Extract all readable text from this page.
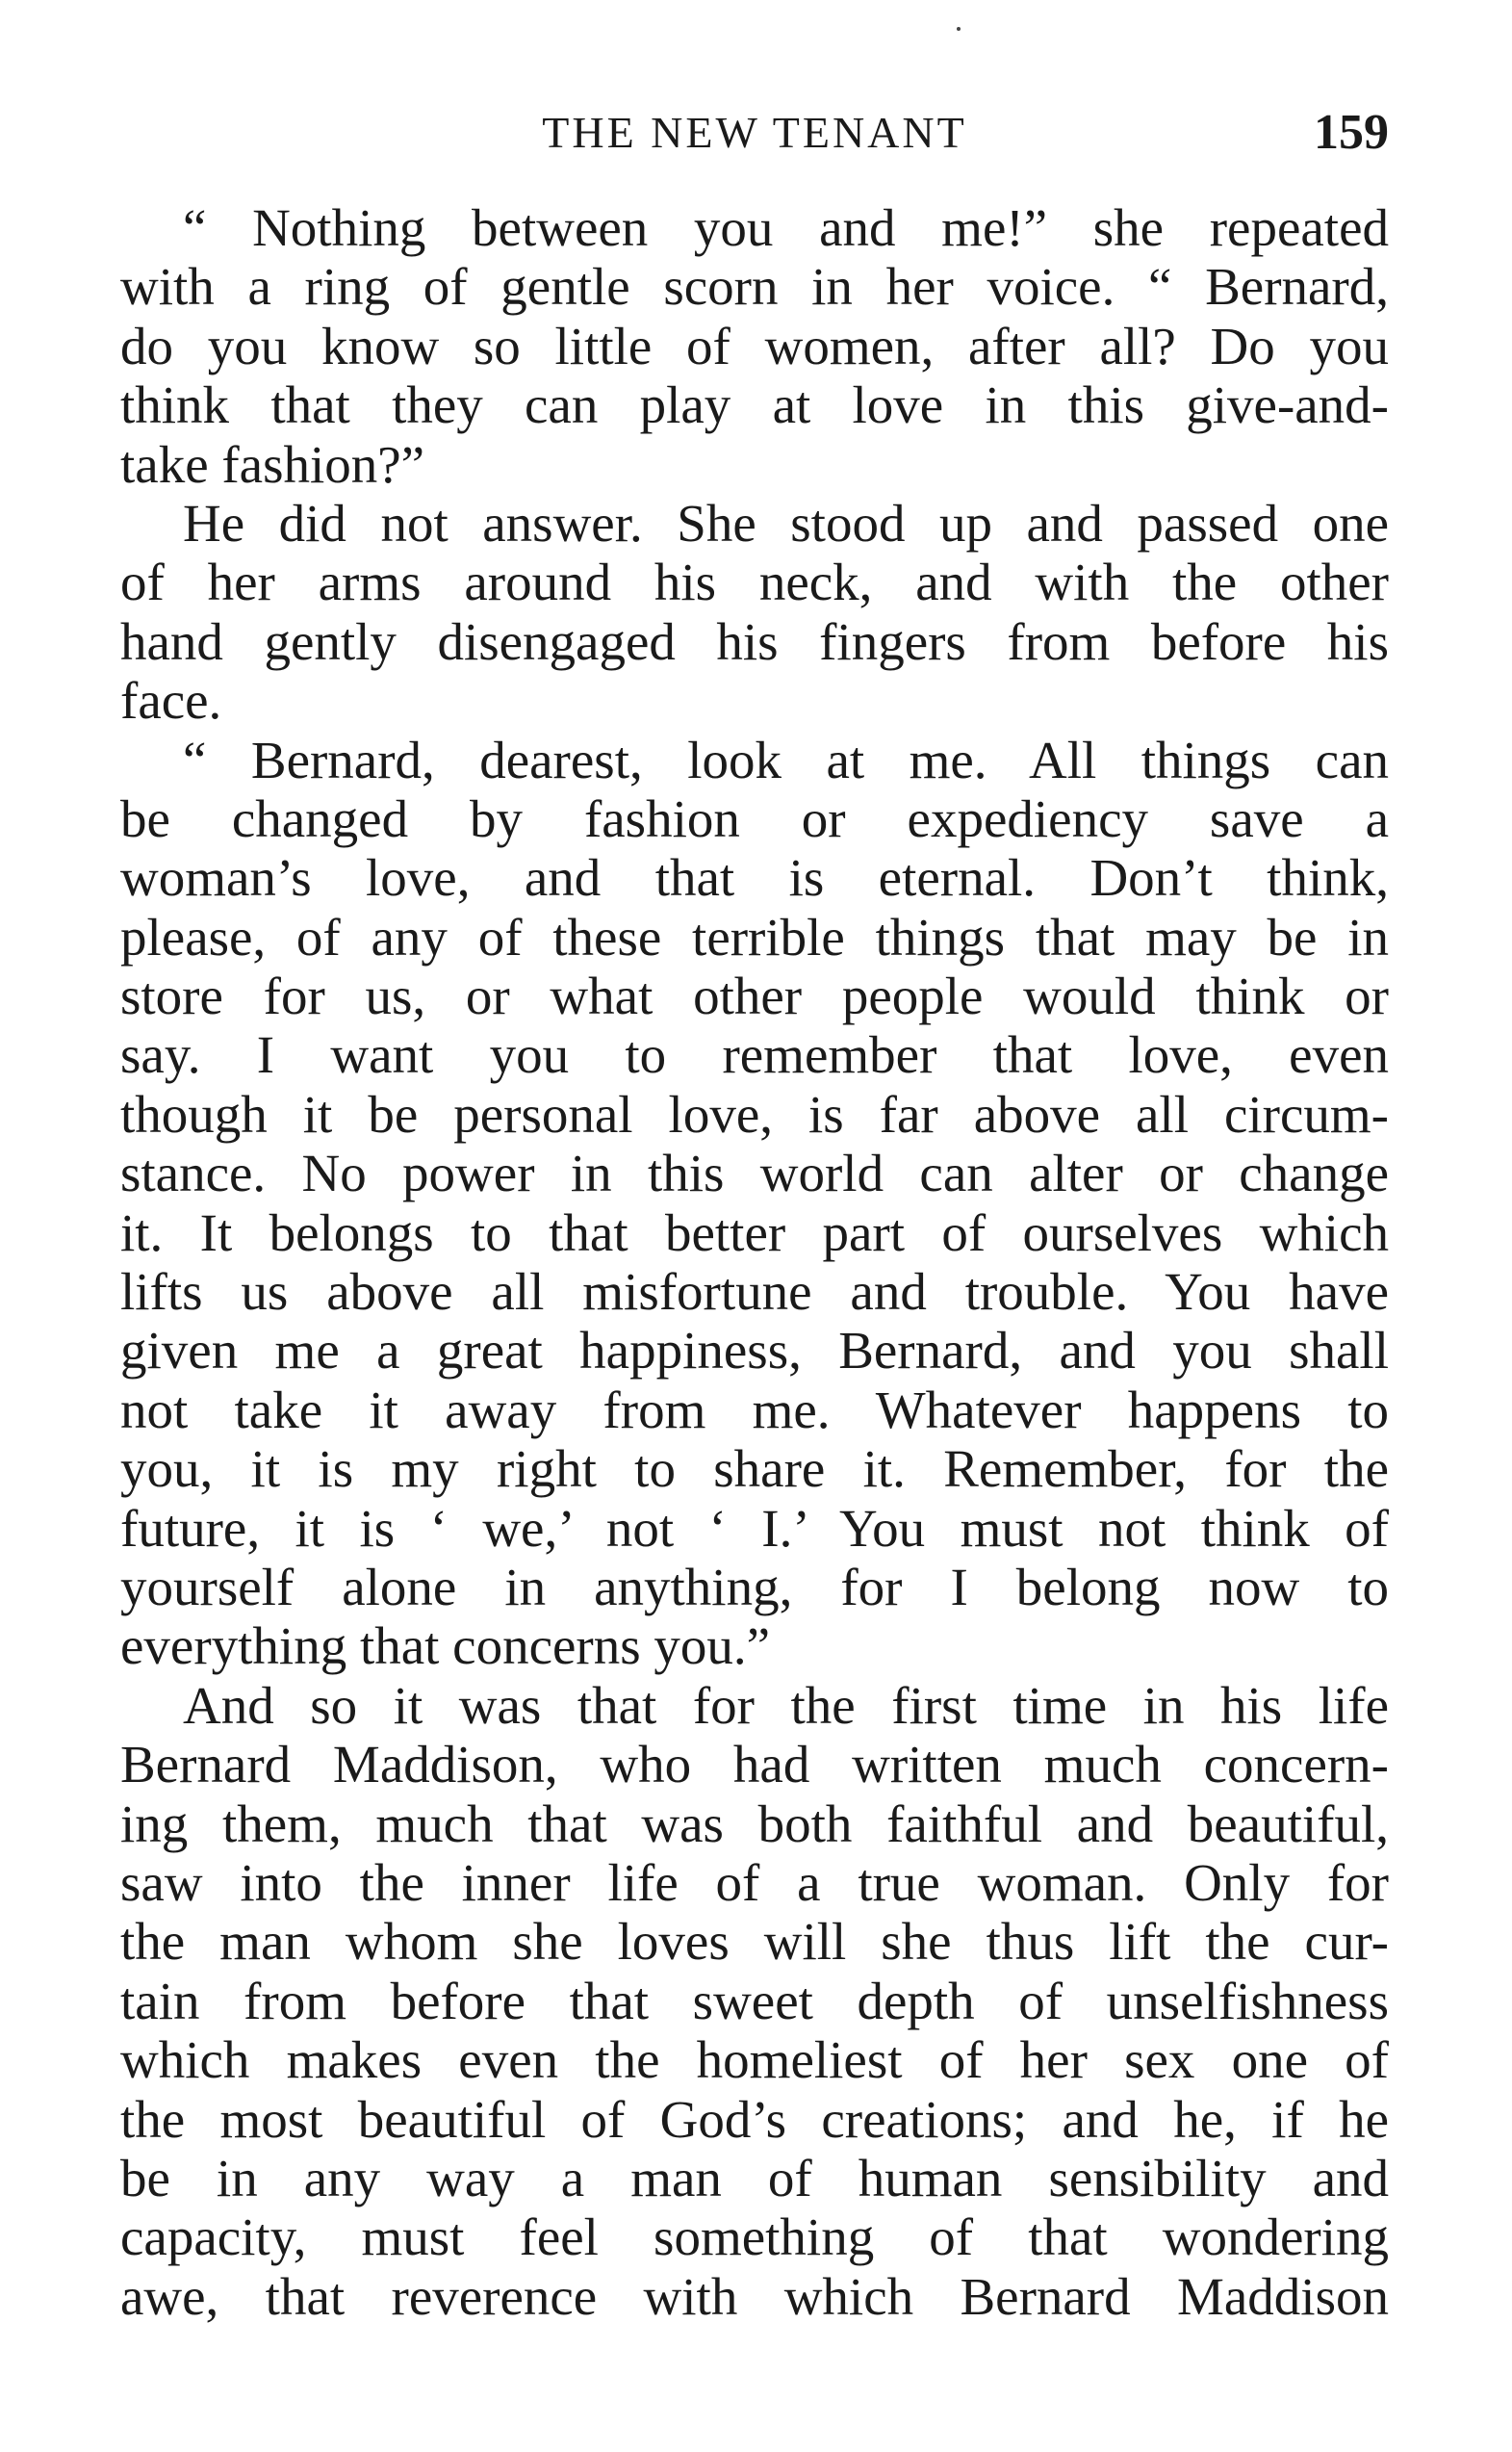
THE NEW TENANT	159
“ Nothing between you and me!” she repeated
with a ring of gentle scorn in her voice. “ Bernard,
do you know so little of women, after all? Do you
think that they can play at love in this give-and-
take fashion?”
He did not answer. She stood up and passed one
of her arms around his neck, and with the other
hand gently disengaged his fingers from before his
face.
“ Bernard, dearest, look at me. All things can
be changed by fashion or expediency save a
woman’s love, and that is eternal. Don’t think,
please, of any of these terrible things that may be in
store for us, or what other people would think or
say. I want you to remember that love, even
though it be personal love, is far above all circum-
stance. No power in this world can alter or change
it. It belongs to that better part of ourselves which
lifts us above all misfortune and trouble. You have
given me a great happiness, Bernard, and you shall
not take it away from me. Whatever happens to
you, it is my right to share it. Remember, for the
future, it is ‘ we,’ not ‘ I.’ You must not think of
yourself alone in anything, for I belong now to
everything that concerns you.”
And so it was that for the first time in his life
Bernard Maddison, who had written much concern-
ing them, much that was both faithful and beautiful,
saw into the inner life of a true woman. Only for
the man whom she loves will she thus lift the cur-
tain from before that sweet depth of unselfishness
which makes even the homeliest of her sex one of
the most beautiful of God’s creations; and he, if he
be in any way a man of human sensibility and
capacity, must feel something of that wondering
awe, that reverence with which Bernard Maddison
